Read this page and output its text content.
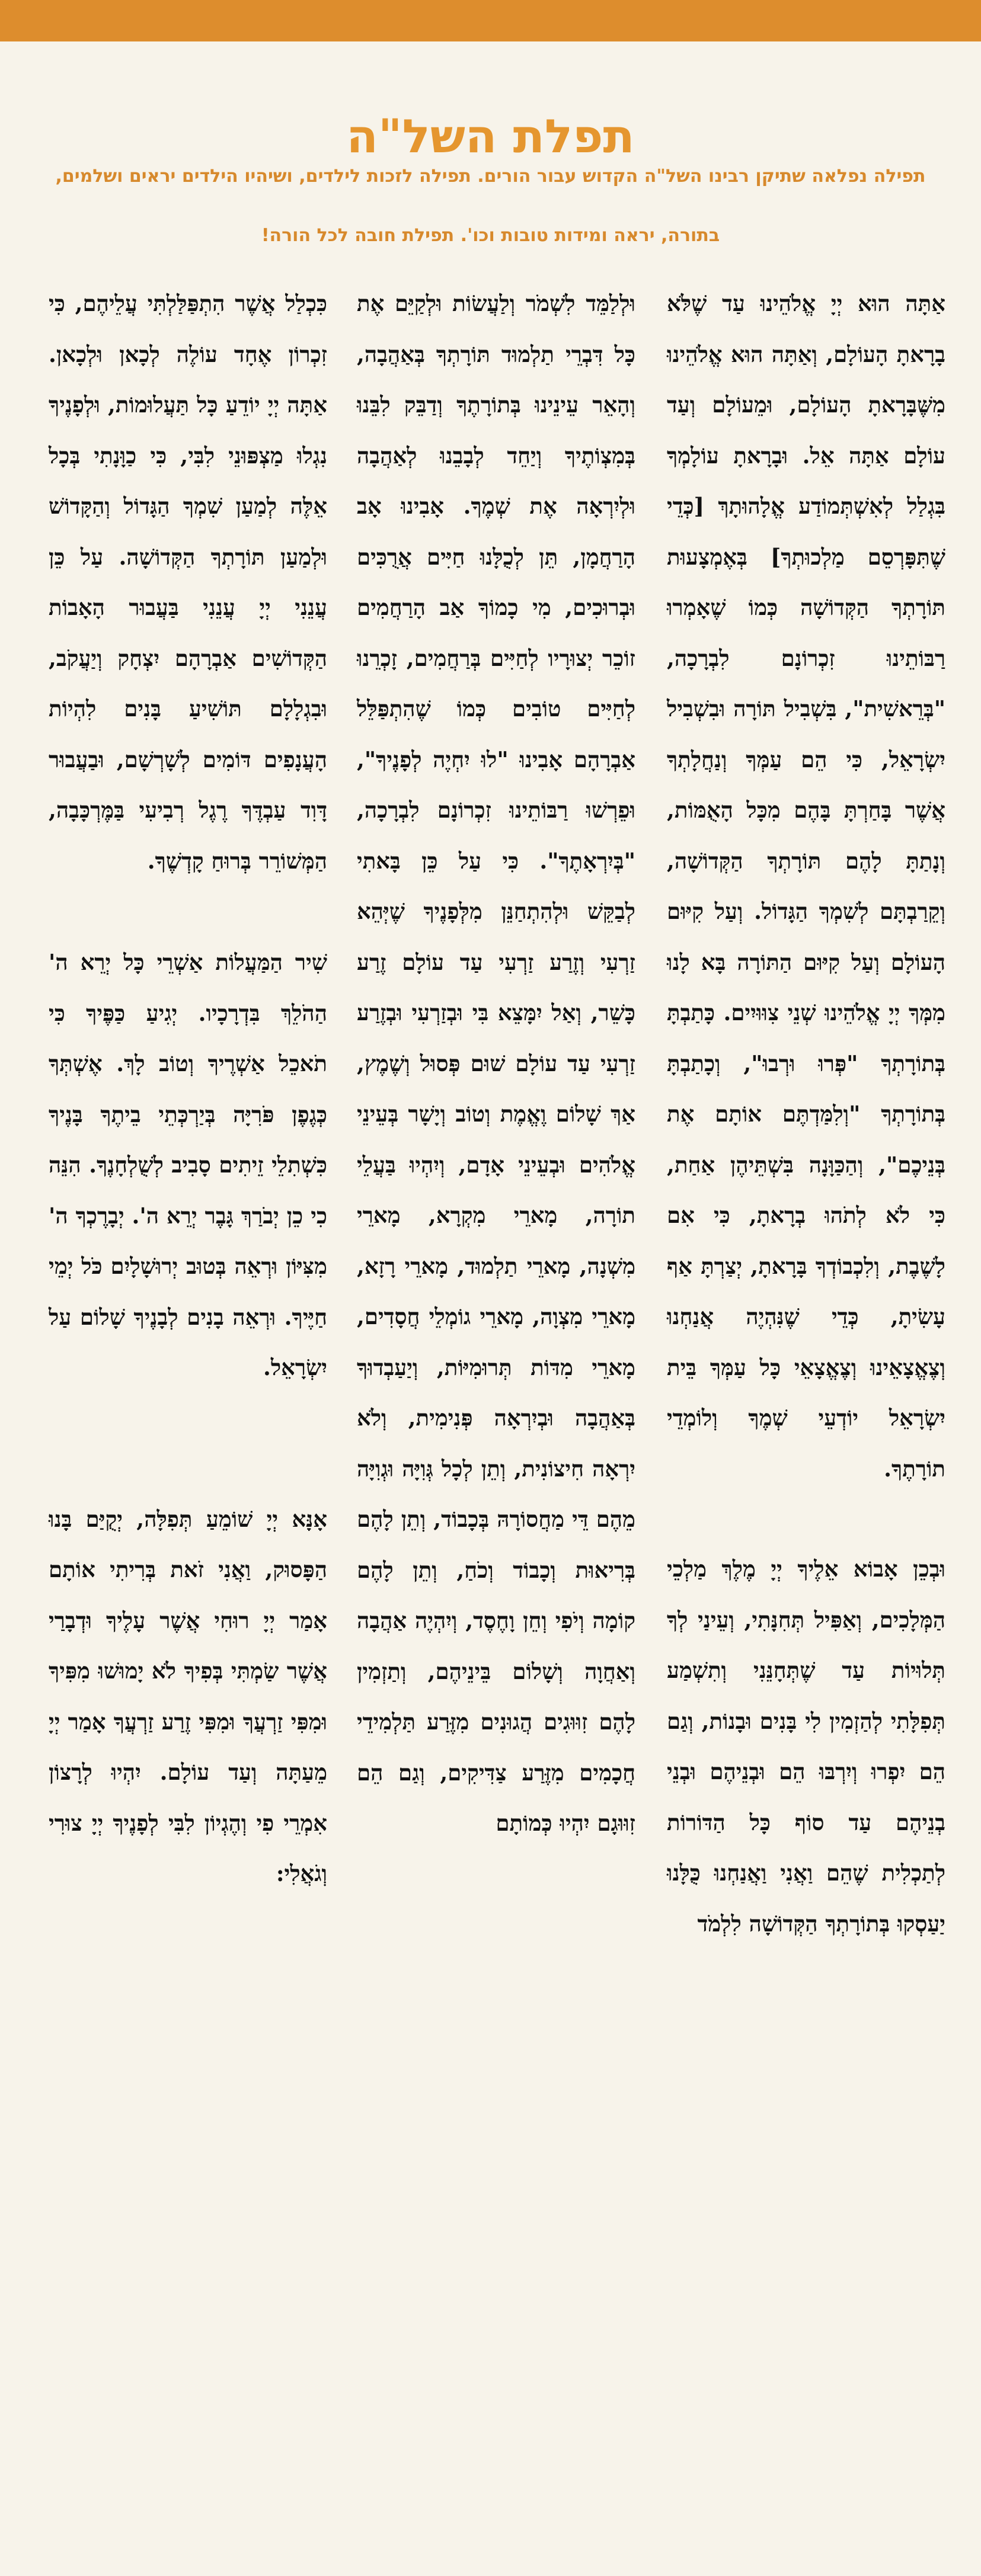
תפלת השל"ה
תפילה נפלאה שתיקן רבינו השל"ה הקדוש עבור הורים. תפילה לזכות לילדים, ושיהיו הילדים יראים ושלמים, בתורה, יראה ומידות טובות וכו'. תפילת חובה לכל הורה!

אַתָּה הוּא יְיָ אֱלֹהֵינוּ עַד שֶׁלֹּא בָרָאתָ הָעוֹלָם, וְאַתָּה הוּא אֱלֹהֵינוּ מִשֶּׁבָּרָאתָ הָעוֹלָם, וּמֵעוֹלָם וְעַד עוֹלָם אַתָּה אֵל. וּבָרָאתָ עוֹלָמְךָ בִּגְלַל לְאִשְׁתְּמוֹדַע אֱלָהוּתָךְ [כְּדֵי שֶׁתִּפָּרְסֵם מַלְכוּתְךָ] בְּאֶמְצָעוּת תּוֹרָתְךָ הַקְּדוֹשָׁה כְּמוֹ שֶׁאָמְרוּ רַבּוֹתֵינוּ זִכְרוֹנָם לִבְרָכָה, "בְּרֵאשִׁית", בִּשְׁבִיל תּוֹרָה וּבִשְׁבִיל יִשְׂרָאֵל, כִּי הֵם עַמְּךָ וְנַחֲלָתְךָ אֲשֶׁר בָּחַרְתָּ בָּהֶם מִכָּל הָאֻמּוֹת, וְנָתַתָּ לָהֶם תּוֹרָתְךָ הַקְּדוֹשָׁה, וְקֵרַבְתָּם לְשִׁמְךָ הַגָּדוֹל. וְעַל קִיּוּם הָעוֹלָם וְעַל קִיּוּם הַתּוֹרָה בָּא לָנוּ מִמְּךָ יְיָ אֱלֹהֵינוּ שְׁנֵי צִוּוּיִים. כָּתַבְתָּ בְּתוֹרָתְךָ "פְּרוּ וּרְבוּ", וְכָתַבְתָּ בְּתוֹרָתְךָ "וְלִמַּדְתֶּם אוֹתָם אֶת בְּנֵיכֶם", וְהַכַּוָּנָה בִּשְׁתֵּיהֶן אַחַת, כִּי לֹא לְתֹהוּ בְרָאתָ, כִּי אִם לָשֶׁבֶת, וְלִכְבוֹדְךָ בָּרָאתָ, יְצַרְתָּ אַף עָשִׂיתָ, כְּדֵי שֶׁנִּהְיֶה אֲנַחְנוּ וְצֶאֱצָאֵינוּ וְצֶאֱצָאֵי כָּל עַמְּךָ בֵּית יִשְׂרָאֵל יוֹדְעֵי שְׁמֶךָ וְלוֹמְדֵי תוֹרָתֶךָ.

וּבְכֵן אָבוֹא אֵלֶיךָ יְיָ מֶלֶךְ מַלְכֵי הַמְּלָכִים, וְאַפִּיל תְּחִנָּתִי, וְעֵינַי לְךָ תְּלוּיוֹת עַד שֶׁתְּחָנֵּנִי וְתִשְׁמַע תְּפִלָּתִי לְהַזְמִין לִי בָּנִים וּבָנוֹת, וְגַם הֵם יִפְרוּ וְיִרְבּוּ הֵם וּבְנֵיהֶם וּבְנֵי בְנֵיהֶם עַד סוֹף כָּל הַדּוֹרוֹת לְתַכְלִית שֶׁהֵם וַאֲנִי וַאֲנַחְנוּ כֻּלָּנוּ יַעַסְקוּ בְּתוֹרָתְךָ הַקְּדוֹשָׁה לִלְמֹד

וּלְלַמֵּד לִשְׁמֹר וְלַעֲשׂוֹת וּלְקַיֵּם אֶת כָּל דִּבְרֵי תַלְמוּד תּוֹרָתְךָ בְּאַהֲבָה, וְהָאֵר עֵינֵינוּ בְּתוֹרָתֶךָ וְדַבֵּק לִבֵּנוּ בְּמִצְוֹתֶיךָ וְיַחֵד לְבָבֵנוּ לְאַהֲבָה וּלְיִרְאָה אֶת שְׁמֶךָ. אָבִינוּ אָב הָרַחֲמָן, תֵּן לְכֻלָּנוּ חַיִּים אֲרֻכִּים וּבְרוּכִים, מִי כָמוֹךָ אַב הָרַחֲמִים זוֹכֵר יְצוּרָיו לְחַיִּים בְּרַחֲמִים, זָכְרֵנוּ לְחַיִּים טוֹבִים כְּמוֹ שֶׁהִתְפַּלֵּל אַבְרָהָם אָבִינוּ "לוּ יִחְיֶה לְפָנֶיךָ", וּפֵרְשׁוּ רַבּוֹתֵינוּ זִכְרוֹנָם לִבְרָכָה, "בְּיִרְאָתֶךָ". כִּי עַל כֵּן בָּאתִי לְבַקֵּשׁ וּלְהִתְחַנֵּן מִלְּפָנֶיךָ שֶׁיְּהֵא זַרְעִי וְזֶרַע זַרְעִי עַד עוֹלָם זֶרַע כָּשֵׁר, וְאַל יִמָּצֵא בִּי וּבְזַרְעִי וּבְזֶרַע זַרְעִי עַד עוֹלָם שׁוּם פְּסוּל וְשֶׁמֶץ, אַךְ שָׁלוֹם וֶאֱמֶת וְטוֹב וְיָשָׁר בְּעֵינֵי אֱלֹהִים וּבְעֵינֵי אָדָם, וְיִהְיוּ בַּעֲלֵי תוֹרָה, מָארֵי מִקְרָא, מָארֵי מִשְׁנָה, מָארֵי תַלְמוּד, מָארֵי רָזָא, מָארֵי מִצְוָה, מָארֵי גוֹמְלֵי חֲסָדִים, מָארֵי מִדּוֹת תְּרוּמִיּוֹת, וְיַעַבְדוּךָ בְּאַהֲבָה וּבְיִרְאָה פְּנִימִית, וְלֹא יִרְאָה חִיצוֹנִית, וְתֵן לְכָל גְּוִיָּה וּגְוִיָּה מֵהֶם דֵּי מַחֲסוֹרָהּ בְּכָבוֹד, וְתֵן לָהֶם בְּרִיאוּת וְכָבוֹד וְכֹחַ, וְתֵן לָהֶם קוֹמָה וְיֹפִי וְחֵן וָחֶסֶד, וְיִהְיֶה אַהֲבָה וְאַחֲוָה וְשָׁלוֹם בֵּינֵיהֶם, וְתַזְמִין לָהֶם זִוּוּגִים הֲגוּנִים מִזֶּרַע תַּלְמִידֵי חֲכָמִים מִזֶּרַע צַדִּיקִים, וְגַם הֵם זִוּוּגָם יִהְיוּ כְּמוֹתָם

כִּכְלַל אֲשֶׁר הִתְפַּלַּלְתִּי עֲלֵיהֶם, כִּי זִכְרוֹן אֶחָד עוֹלֶה לְכָאן וּלְכָאן. אַתָּה יְיָ יוֹדֵעַ כָּל תַּעֲלוּמוֹת, וּלְפָנֶיךָ נִגְלוּ מַצְפּוּנֵי לִבִּי, כִּי כַוָּנָתִי בְּכָל אֵלֶּה לְמַעַן שִׁמְךָ הַגָּדוֹל וְהַקָּדוֹשׁ וּלְמַעַן תּוֹרָתְךָ הַקְּדוֹשָׁה. עַל כֵּן עֲנֵנִי יְיָ עֲנֵנִי בַּעֲבוּר הָאָבוֹת הַקְּדוֹשִׁים אַבְרָהָם יִצְחָק וְיַעֲקֹב, וּבִגְלָלָם תּוֹשִׁיעַ בָּנִים לִהְיוֹת הָעֲנָפִים דּוֹמִים לְשָׁרְשָׁם, וּבַעֲבוּר דָּוִד עַבְדֶּךָ רֶגֶל רְבִיעִי בַּמֶּרְכָּבָה, הַמְּשׁוֹרֵר בְּרוּחַ קָדְשֶׁךָ.

שִׁיר הַמַּעֲלוֹת אַשְׁרֵי כָּל יְרֵא ה' הַהֹלֵךְ בִּדְרָכָיו. יְגִיעַ כַּפֶּיךָ כִּי תֹאכֵל אַשְׁרֶיךָ וְטוֹב לָךְ. אֶשְׁתְּךָ כְּגֶפֶן פֹּרִיָּה בְּיַרְכְּתֵי בֵיתֶךָ בָּנֶיךָ כִּשְׁתִלֵי זֵיתִים סָבִיב לְשֻׁלְחָנֶךָ. הִנֵּה כִי כֵן יְבֹרַךְ גָּבֶר יְרֵא ה'. יְבָרֶכְךָ ה' מִצִּיּוֹן וּרְאֵה בְּטוּב יְרוּשָׁלָיִם כֹּל יְמֵי חַיֶּיךָ. וּרְאֵה בָנִים לְבָנֶיךָ שָׁלוֹם עַל יִשְׂרָאֵל.

אָנָּא יְיָ שׁוֹמֵעַ תְּפִלָּה, יְקֻיַּם בָּנוּ הַפָּסוּק, וַאֲנִי זֹאת בְּרִיתִי אוֹתָם אָמַר יְיָ רוּחִי אֲשֶׁר עָלֶיךָ וּדְבָרַי אֲשֶׁר שַׂמְתִּי בְּפִיךָ לֹא יָמוּשׁוּ מִפִּיךָ וּמִפִּי זַרְעֲךָ וּמִפִּי זֶרַע זַרְעֲךָ אָמַר יְיָ מֵעַתָּה וְעַד עוֹלָם. יִהְיוּ לְרָצוֹן אִמְרֵי פִי וְהֶגְיוֹן לִבִּי לְפָנֶיךָ יְיָ צוּרִי וְגֹאֲלִי:
